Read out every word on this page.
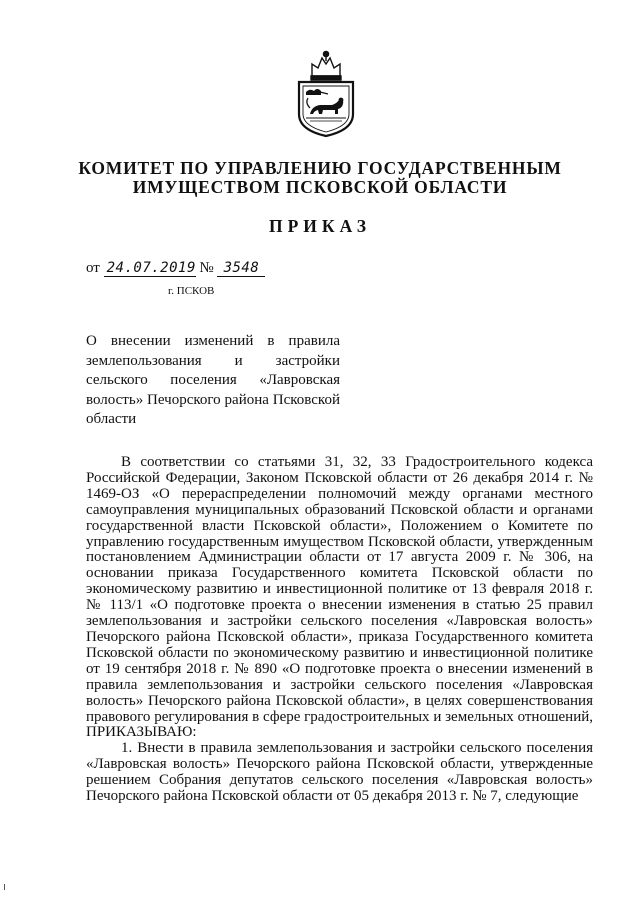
КОМИТЕТ ПО УПРАВЛЕНИЮ ГОСУДАРСТВЕННЫМ
ИМУЩЕСТВОМ ПСКОВСКОЙ ОБЛАСТИ
ПРИКАЗ
от 24.07.2019 № 3548
г. ПСКОВ
О внесении изменений в правила землепользования и застройки сельского поселения «Лавровская волость» Печорского района Псковской области

В соответствии со статьями 31, 32, 33 Градостроительного кодекса Российской Федерации, Законом Псковской области от 26 декабря 2014 г. № 1469-ОЗ «О перераспределении полномочий между органами местного самоуправления муниципальных образований Псковской области и органами государственной власти Псковской области», Положением о Комитете по управлению государственным имуществом Псковской области, утвержденным постановлением Администрации области от 17 августа 2009 г. № 306, на основании приказа Государственного комитета Псковской области по экономическому развитию и инвестиционной политике от 13 февраля 2018 г. № 113/1 «О подготовке проекта о внесении изменения в статью 25 правил землепользования и застройки сельского поселения «Лавровская волость» Печорского района Псковской области», приказа Государственного комитета Псковской области по экономическому развитию и инвестиционной политике от 19 сентября 2018 г. № 890 «О подготовке проекта о внесении изменений в правила землепользования и застройки сельского поселения «Лавровская волость» Печорского района Псковской области», в целях совершенствования правового регулирования в сфере градостроительных и земельных отношений, ПРИКАЗЫВАЮ:

1. Внести в правила землепользования и застройки сельского поселения «Лавровская волость» Печорского района Псковской области, утвержденные решением Собрания депутатов сельского поселения «Лавровская волость» Печорского района Псковской области от 05 декабря 2013 г. № 7, следующие
